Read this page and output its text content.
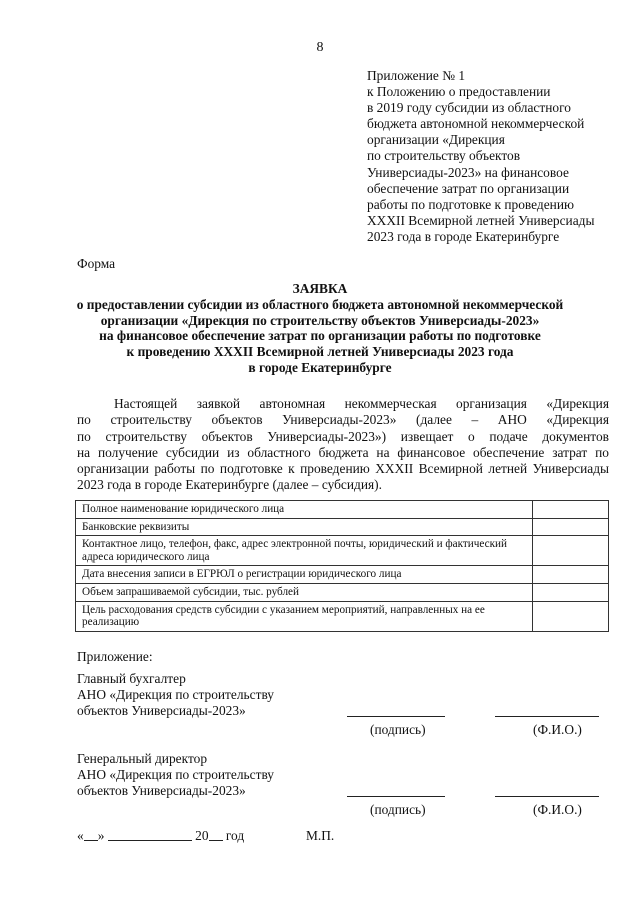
8
Приложение № 1
к Положению о предоставлении
в 2019 году субсидии из областного
бюджета автономной некоммерческой
организации «Дирекция
по строительству объектов
Универсиады-2023» на финансовое
обеспечение затрат по организации
работы по подготовке к проведению
XXXII Всемирной летней Универсиады
2023 года в городе Екатеринбурге
Форма
ЗАЯВКА
о предоставлении субсидии из областного бюджета автономной некоммерческой
организации «Дирекция по строительству объектов Универсиады-2023»
на финансовое обеспечение затрат по организации работы по подготовке
к проведению XXXII Всемирной летней Универсиады 2023 года
в городе Екатеринбурге
Настоящей заявкой автономная некоммерческая организация «Дирекция
по строительству объектов Универсиады-2023» (далее – АНО «Дирекция
по строительству объектов Универсиады-2023») извещает о подаче документов
на получение субсидии из областного бюджета на финансовое обеспечение затрат по
организации работы по подготовке к проведению XXXII Всемирной летней Универсиады
2023 года в городе Екатеринбурге (далее – субсидия).
Полное наименование юридического лица	
Банковские реквизиты	
Контактное лицо, телефон, факс, адрес электронной почты, юридический и фактический адреса юридического лица	
Дата внесения записи в ЕГРЮЛ о регистрации юридического лица	
Объем запрашиваемой субсидии, тыс. рублей	
Цель расходования средств субсидии с указанием мероприятий, направленных на ее реализацию	
Приложение:
Главный бухгалтер
АНО «Дирекция по строительству
объектов Универсиады-2023»
(подпись)	(Ф.И.О.)
Генеральный директор
АНО «Дирекция по строительству
объектов Универсиады-2023»
(подпись)	(Ф.И.О.)
« »	20 год	М.П.
